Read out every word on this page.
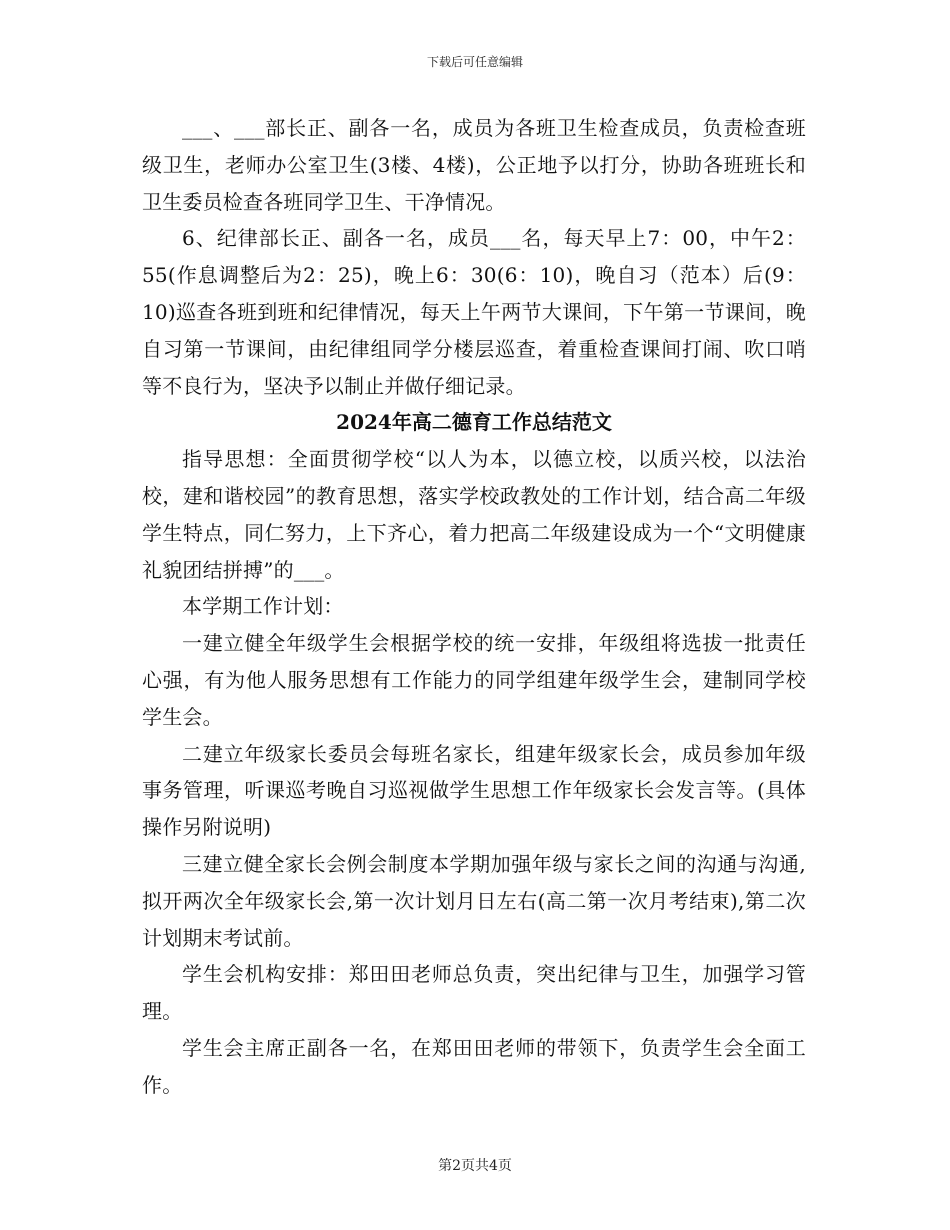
下载后可任意编辑

___、___部长正、副各一名，成员为各班卫生检查成员，负责检查班级卫生，老师办公室卫生(3楼、4楼)，公正地予以打分，协助各班班长和卫生委员检查各班同学卫生、干净情况。

6、纪律部长正、副各一名，成员___名，每天早上7：00，中午2：55(作息调整后为2：25)，晚上6：30(6：10)，晚自习（范本）后(9：10)巡查各班到班和纪律情况，每天上午两节大课间，下午第一节课间，晚自习第一节课间，由纪律组同学分楼层巡查，着重检查课间打闹、吹口哨等不良行为，坚决予以制止并做仔细记录。

2024年高二德育工作总结范文

指导思想：全面贯彻学校“以人为本，以德立校，以质兴校，以法治校，建和谐校园”的教育思想，落实学校政教处的工作计划，结合高二年级学生特点，同仁努力，上下齐心，着力把高二年级建设成为一个“文明健康礼貌团结拼搏”的___。

本学期工作计划：

一建立健全年级学生会根据学校的统一安排，年级组将选拔一批责任心强，有为他人服务思想有工作能力的同学组建年级学生会，建制同学校学生会。

二建立年级家长委员会每班名家长，组建年级家长会，成员参加年级事务管理，听课巡考晚自习巡视做学生思想工作年级家长会发言等。(具体操作另附说明)

三建立健全家长会例会制度本学期加强年级与家长之间的沟通与沟通,拟开两次全年级家长会,第一次计划月日左右(高二第一次月考结束),第二次计划期末考试前。

学生会机构安排：郑田田老师总负责，突出纪律与卫生，加强学习管理。

学生会主席正副各一名，在郑田田老师的带领下，负责学生会全面工作。

第2页共4页
